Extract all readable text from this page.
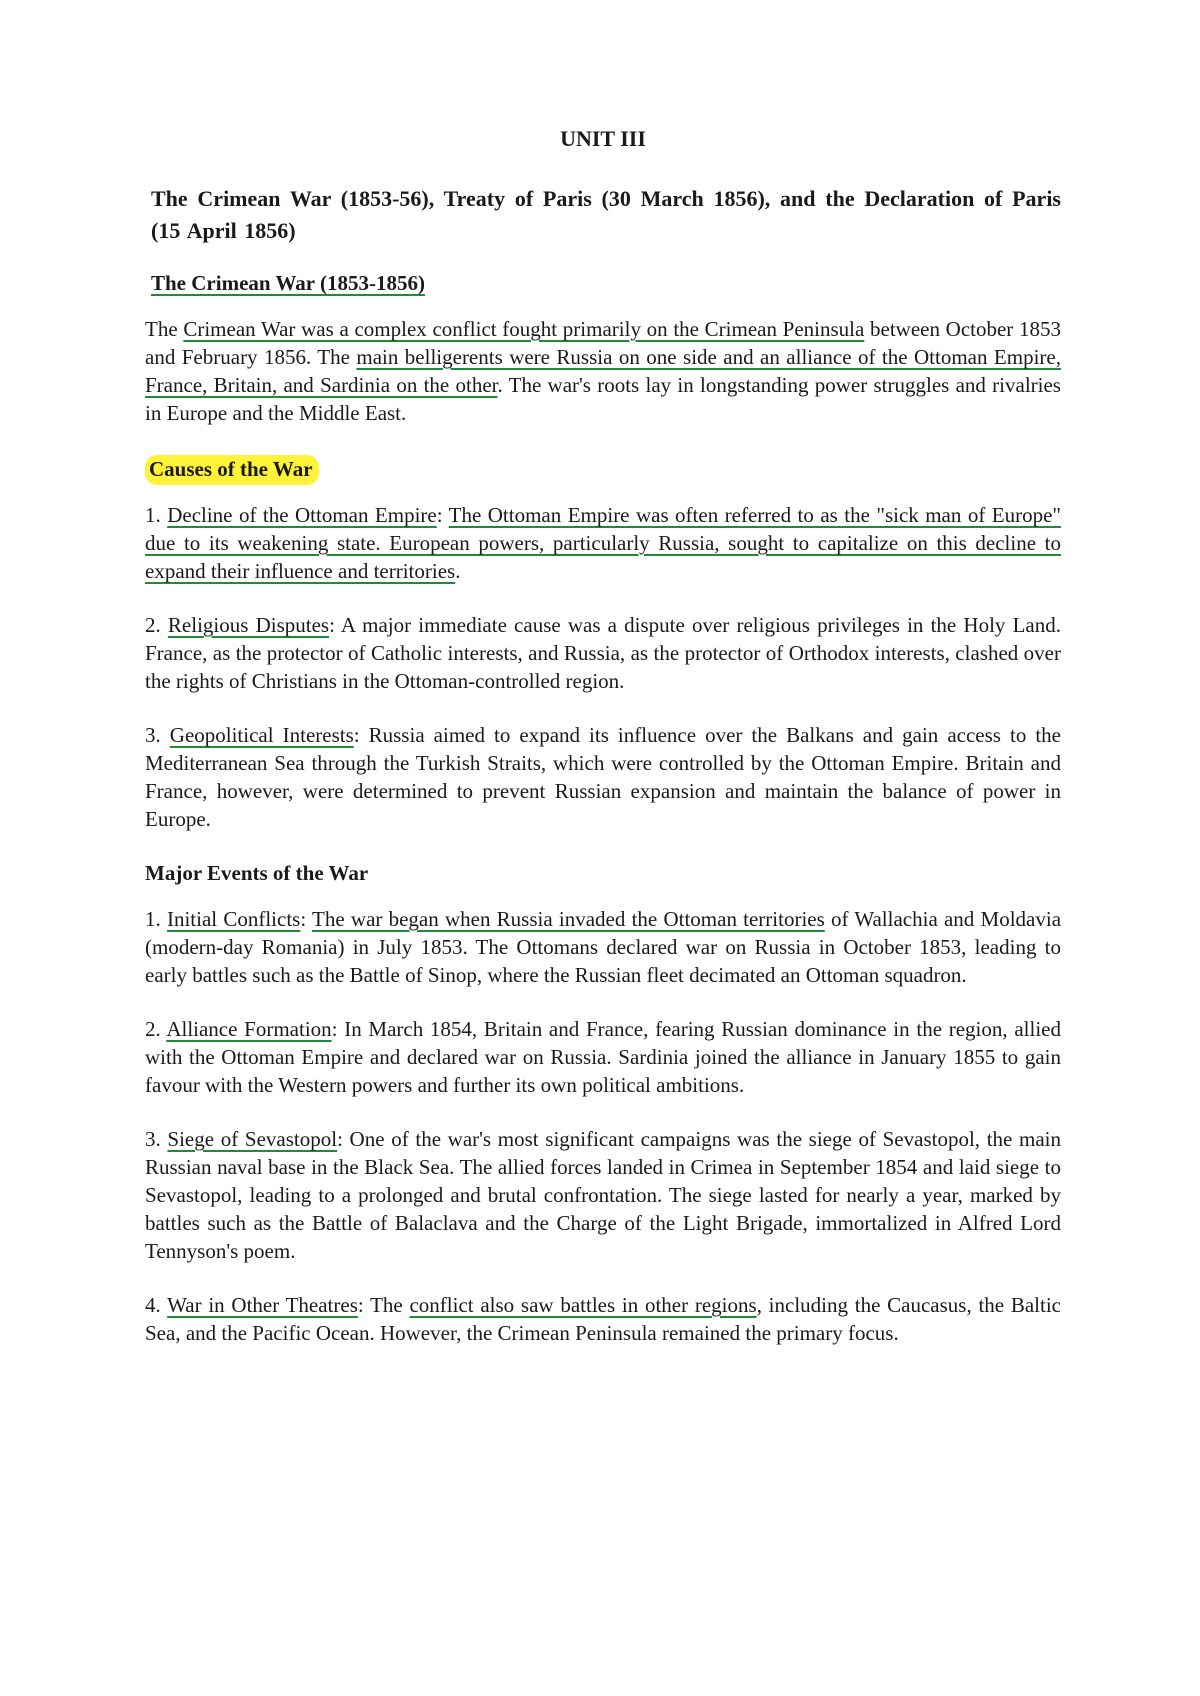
UNIT III
The Crimean War (1853-56), Treaty of Paris (30 March 1856), and the Declaration of Paris (15 April 1856)
The Crimean War (1853-1856)

The Crimean War was a complex conflict fought primarily on the Crimean Peninsula between October 1853 and February 1856. The main belligerents were Russia on one side and an alliance of the Ottoman Empire, France, Britain, and Sardinia on the other. The war's roots lay in longstanding power struggles and rivalries in Europe and the Middle East.

Causes of the War

1. Decline of the Ottoman Empire: The Ottoman Empire was often referred to as the "sick man of Europe" due to its weakening state. European powers, particularly Russia, sought to capitalize on this decline to expand their influence and territories.

2. Religious Disputes: A major immediate cause was a dispute over religious privileges in the Holy Land. France, as the protector of Catholic interests, and Russia, as the protector of Orthodox interests, clashed over the rights of Christians in the Ottoman-controlled region.

3. Geopolitical Interests: Russia aimed to expand its influence over the Balkans and gain access to the Mediterranean Sea through the Turkish Straits, which were controlled by the Ottoman Empire. Britain and France, however, were determined to prevent Russian expansion and maintain the balance of power in Europe.

Major Events of the War

1. Initial Conflicts: The war began when Russia invaded the Ottoman territories of Wallachia and Moldavia (modern-day Romania) in July 1853. The Ottomans declared war on Russia in October 1853, leading to early battles such as the Battle of Sinop, where the Russian fleet decimated an Ottoman squadron.

2. Alliance Formation: In March 1854, Britain and France, fearing Russian dominance in the region, allied with the Ottoman Empire and declared war on Russia. Sardinia joined the alliance in January 1855 to gain favour with the Western powers and further its own political ambitions.

3. Siege of Sevastopol: One of the war's most significant campaigns was the siege of Sevastopol, the main Russian naval base in the Black Sea. The allied forces landed in Crimea in September 1854 and laid siege to Sevastopol, leading to a prolonged and brutal confrontation. The siege lasted for nearly a year, marked by battles such as the Battle of Balaclava and the Charge of the Light Brigade, immortalized in Alfred Lord Tennyson's poem.

4. War in Other Theatres: The conflict also saw battles in other regions, including the Caucasus, the Baltic Sea, and the Pacific Ocean. However, the Crimean Peninsula remained the primary focus.
